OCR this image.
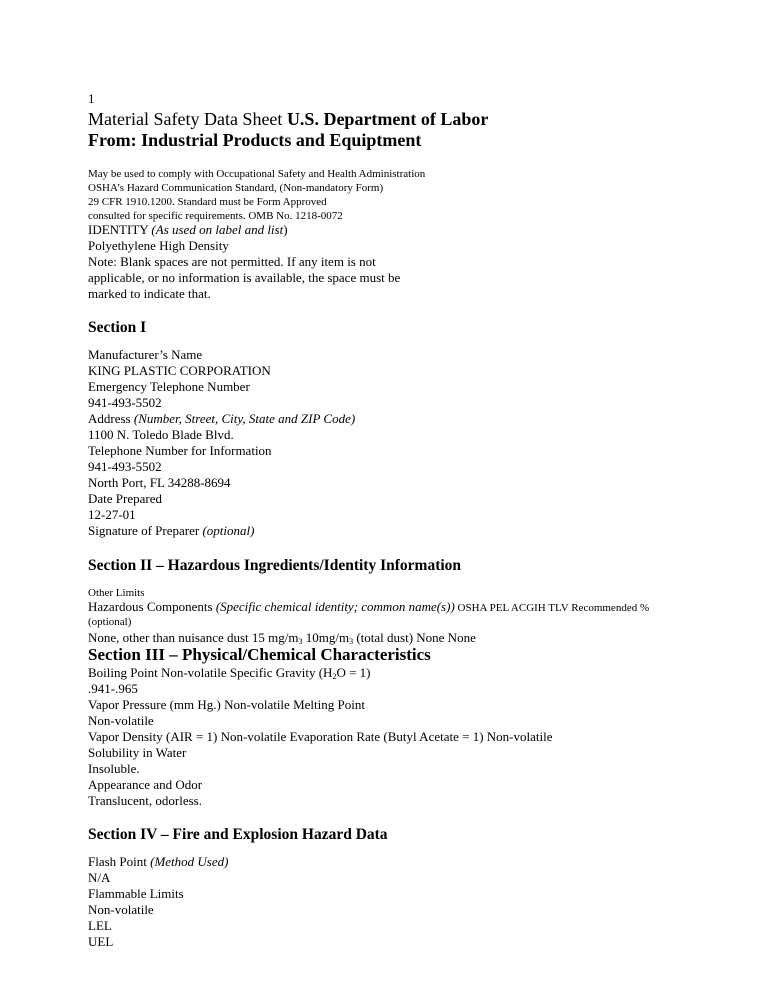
1
Material Safety Data Sheet U.S. Department of Labor
From: Industrial Products and Equiptment
May be used to comply with Occupational Safety and Health Administration
OSHA’s Hazard Communication Standard, (Non-mandatory Form)
29 CFR 1910.1200. Standard must be Form Approved
consulted for specific requirements. OMB No. 1218-0072
IDENTITY (As used on label and list)
Polyethylene High Density
Note: Blank spaces are not permitted. If any item is not
applicable, or no information is available, the space must be
marked to indicate that.
Section I
Manufacturer’s Name
KING PLASTIC CORPORATION
Emergency Telephone Number
941-493-5502
Address (Number, Street, City, State and ZIP Code)
1100 N. Toledo Blade Blvd.
Telephone Number for Information
941-493-5502
North Port, FL 34288-8694
Date Prepared
12-27-01
Signature of Preparer (optional)
Section II – Hazardous Ingredients/Identity Information
Other Limits
Hazardous Components (Specific chemical identity; common name(s)) OSHA PEL ACGIH TLV Recommended %
(optional)
None, other than nuisance dust 15 mg/m3 10mg/m3 (total dust) None None
Section III – Physical/Chemical Characteristics
Boiling Point Non-volatile Specific Gravity (H2O = 1)
.941-.965
Vapor Pressure (mm Hg.) Non-volatile Melting Point
Non-volatile
Vapor Density (AIR = 1) Non-volatile Evaporation Rate (Butyl Acetate = 1) Non-volatile
Solubility in Water
Insoluble.
Appearance and Odor
Translucent, odorless.
Section IV – Fire and Explosion Hazard Data
Flash Point (Method Used)
N/A
Flammable Limits
Non-volatile
LEL
UEL
